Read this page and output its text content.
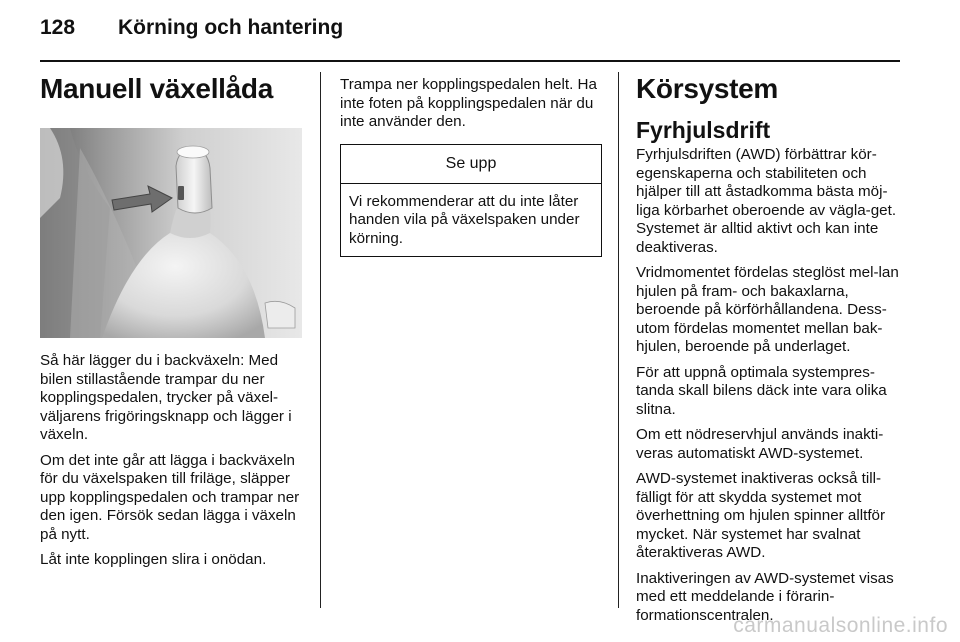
128 Körning och hantering
Manuell växellåda

Så här lägger du i backväxeln: Med bilen stillastående trampar du ner kopplingspedalen, trycker på växel-väljarens frigöringsknapp och lägger i växeln.

Om det inte går att lägga i backväxeln för du växelspaken till friläge, släpper upp kopplingspedalen och trampar ner den igen. Försök sedan lägga i växeln på nytt.

Låt inte kopplingen slira i onödan.

Trampa ner kopplingspedalen helt. Ha inte foten på kopplingspedalen när du inte använder den.

Se upp
Vi rekommenderar att du inte låter handen vila på växelspaken under körning.
Körsystem
Fyrhjulsdrift

Fyrhjulsdriften (AWD) förbättrar kör-egenskaperna och stabiliteten och hjälper till att åstadkomma bästa möj-liga körbarhet oberoende av vägla-get. Systemet är alltid aktivt och kan inte deaktiveras.

Vridmomentet fördelas steglöst mel-lan hjulen på fram- och bakaxlarna, beroende på körförhållandena. Dess-utom fördelas momentet mellan bak-hjulen, beroende på underlaget.

För att uppnå optimala systempres-tanda skall bilens däck inte vara olika slitna.

Om ett nödreservhjul används inakti-veras automatiskt AWD-systemet.

AWD-systemet inaktiveras också till-fälligt för att skydda systemet mot överhettning om hjulen spinner alltför mycket. När systemet har svalnat återaktiveras AWD.

Inaktiveringen av AWD-systemet visas med ett meddelande i förarin-formationscentralen.

carmanualsonline.info
